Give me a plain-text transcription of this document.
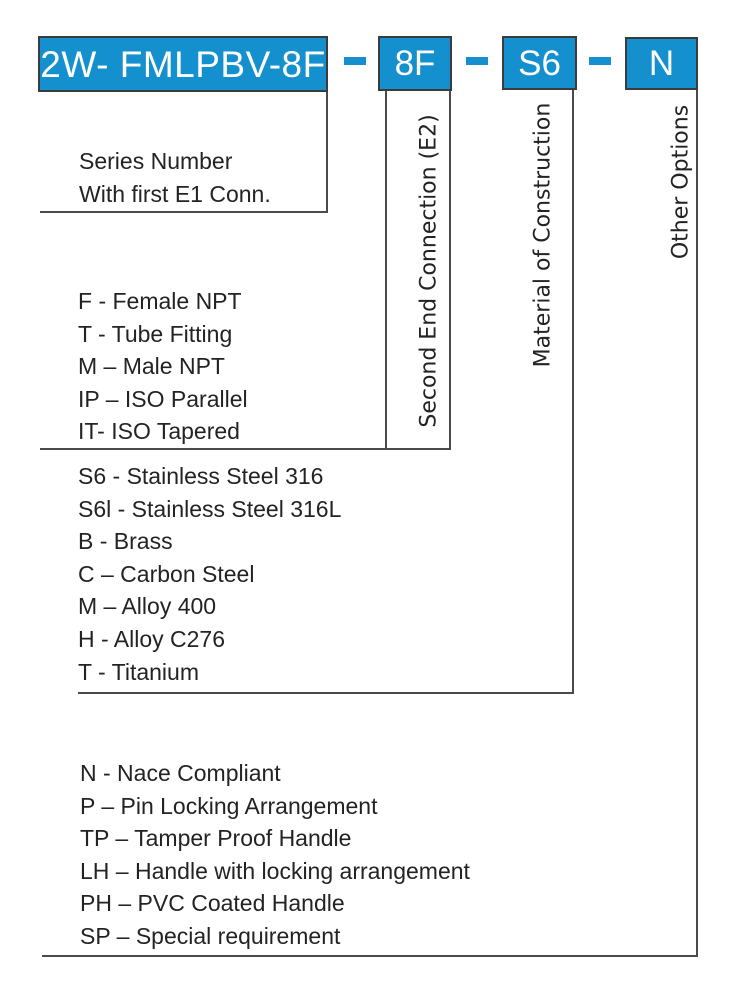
2W- FMLPBV-8F 8F S6	N
Second End Connection (E2)	Material of Construction	Other Options
Series Number
With first E1 Conn.
F - Female NPT
T - Tube Fitting
M – Male NPT
IP – ISO Parallel
IT- ISO Tapered
S6 - Stainless Steel 316
S6l - Stainless Steel 316L
B - Brass
C – Carbon Steel
M – Alloy 400
H - Alloy C276
T - Titanium
N - Nace Compliant
P – Pin Locking Arrangement
TP – Tamper Proof Handle
LH – Handle with locking arrangement
PH – PVC Coated Handle
SP – Special requirement
